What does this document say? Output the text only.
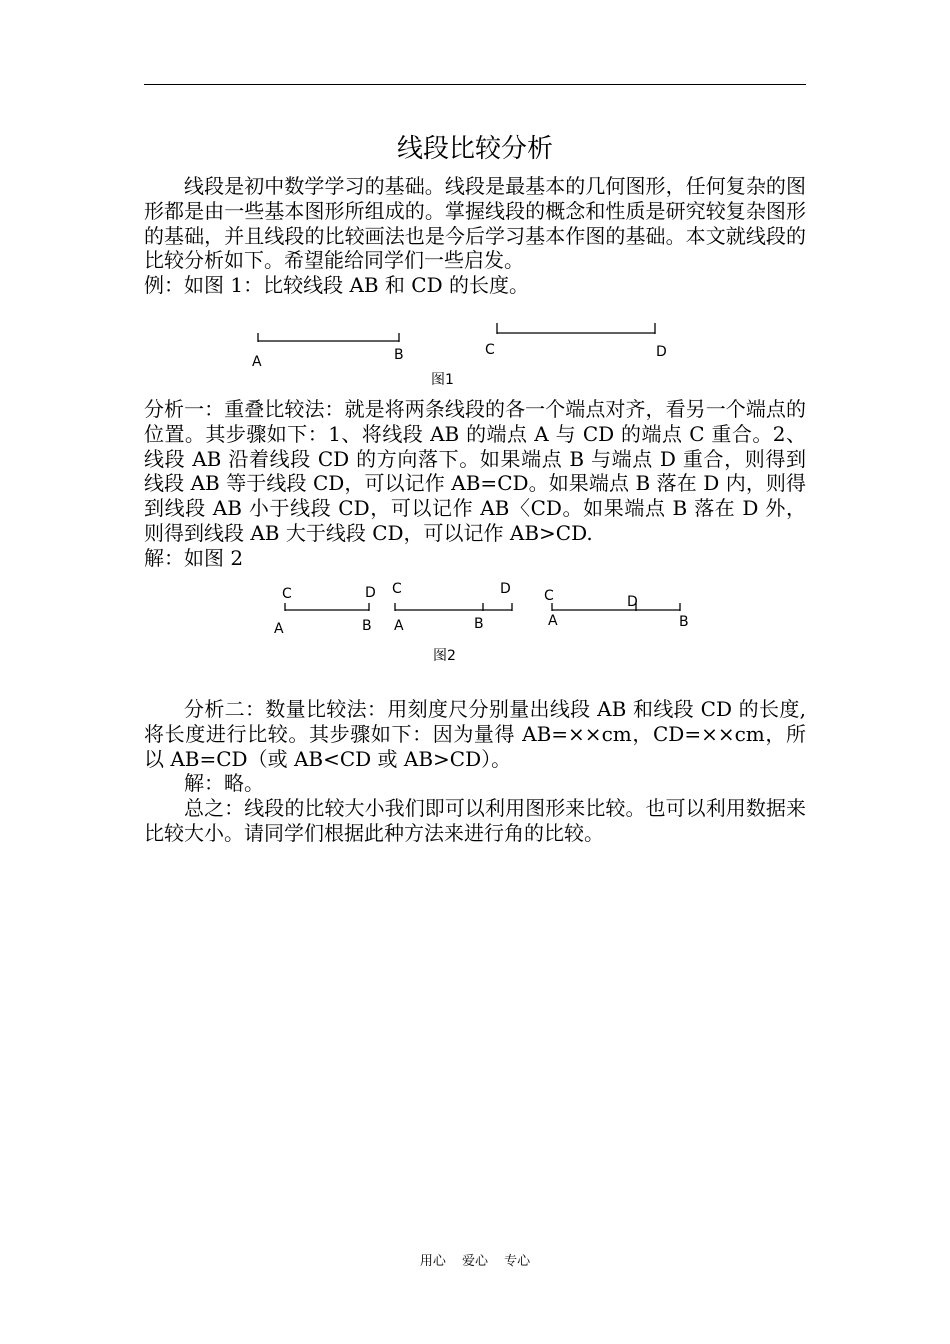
线段比较分析

线段是初中数学学习的基础。线段是最基本的几何图形，任何复杂的图形都是由一些基本图形所组成的。掌握线段的概念和性质是研究较复杂图形的基础，并且线段的比较画法也是今后学习基本作图的基础。本文就线段的比较分析如下。希望能给同学们一些启发。

例：如图 1：比较线段 AB 和 CD 的长度。

A	B	C	D
图1
C	D
A	B
C	D
A	B
C	D
A	B
图2

分析一：重叠比较法：就是将两条线段的各一个端点对齐，看另一个端点的位置。其步骤如下：1、将线段 AB 的端点 A 与 CD 的端点 C 重合。2、线段 AB 沿着线段 CD 的方向落下。如果端点 B 与端点 D 重合，则得到线段 AB 等于线段 CD，可以记作 AB=CD。如果端点 B 落在 D 内，则得到线段 AB 小于线段 CD，可以记作 AB〈CD。如果端点 B 落在 D 外，则得到线段 AB 大于线段 CD，可以记作 AB>CD.

解：如图 2

分析二：数量比较法：用刻度尺分别量出线段 AB 和线段 CD 的长度,将长度进行比较。其步骤如下：因为量得 AB=××cm，CD=××cm，所以 AB=CD（或 AB<CD 或 AB>CD）。

解：略。

总之：线段的比较大小我们即可以利用图形来比较。也可以利用数据来比较大小。请同学们根据此种方法来进行角的比较。

用心 爱心 专心
